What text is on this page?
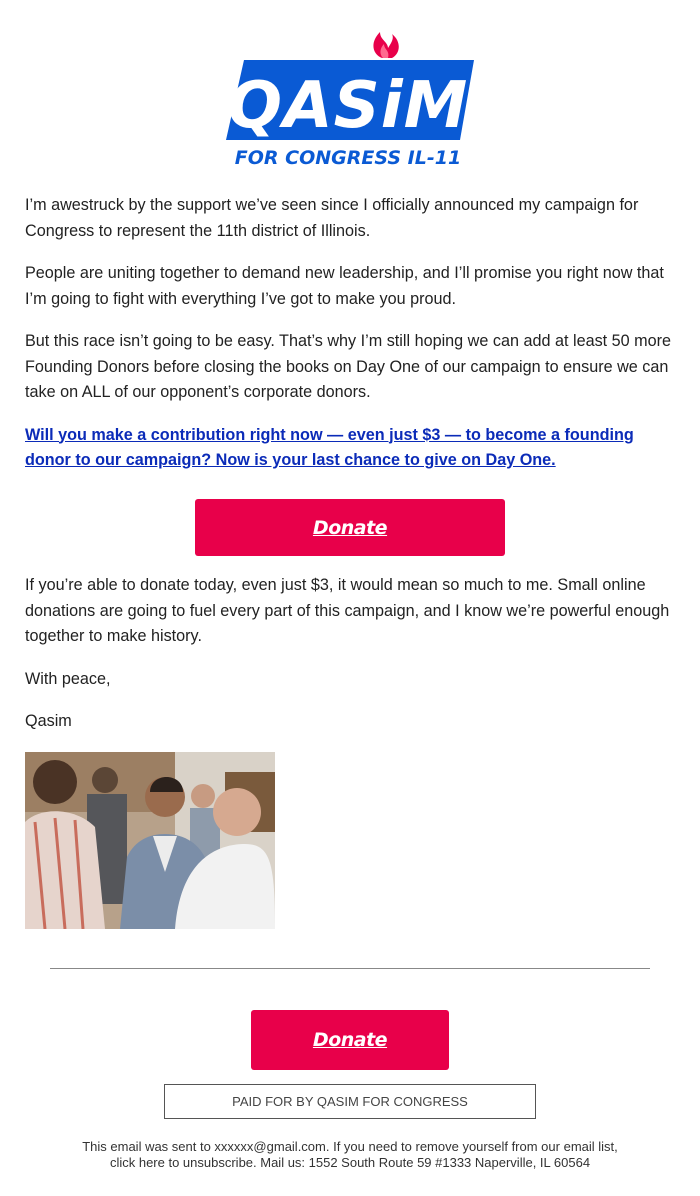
QASiM
FOR CONGRESS IL-11

I’m awestruck by the support we’ve seen since I officially announced my campaign for Congress to represent the 11th district of Illinois.

People are uniting together to demand new leadership, and I’ll promise you right now that I’m going to fight with everything I’ve got to make you proud.

But this race isn’t going to be easy. That’s why I’m still hoping we can add at least 50 more Founding Donors before closing the books on Day One of our campaign to ensure we can take on ALL of our opponent’s corporate donors.

Will you make a contribution right now — even just $3 — to become a founding donor to our campaign? Now is your last chance to give on Day One.
Donate

If you’re able to donate today, even just $3, it would mean so much to me. Small online donations are going to fuel every part of this campaign, and I know we’re powerful enough together to make history.

With peace,

Qasim

Donate
PAID FOR BY QASIM FOR CONGRESS
This email was sent to xxxxxx@gmail.com. If you need to remove yourself from our email list,
click here to unsubscribe. Mail us: 1552 South Route 59 #1333 Naperville, IL 60564
